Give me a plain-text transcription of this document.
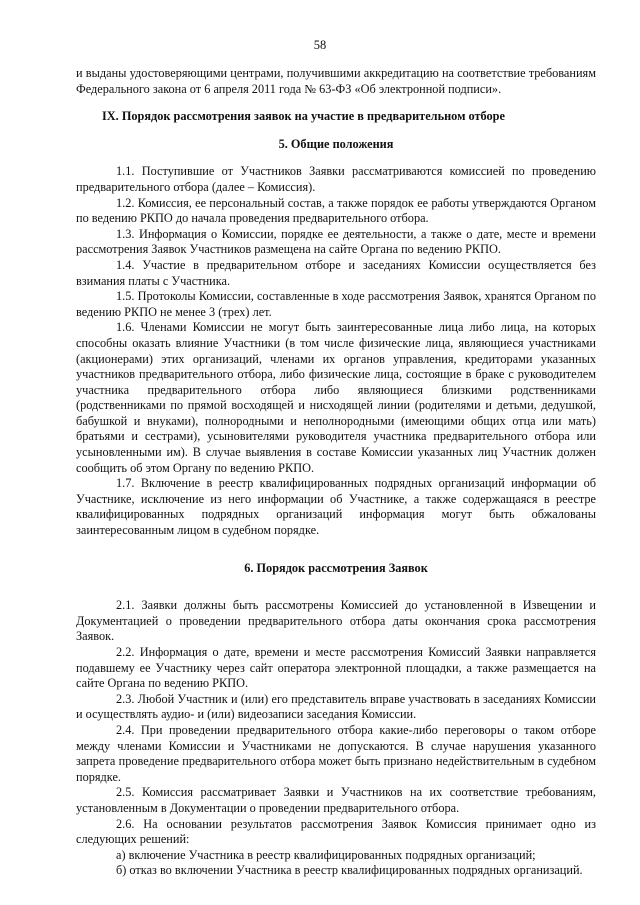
58

и выданы удостоверяющими центрами, получившими аккредитацию на соответствие требованиям Федерального закона от 6 апреля 2011 года № 63-ФЗ «Об электронной подписи».

IX. Порядок рассмотрения заявок на участие в предварительном отборе

5. Общие положения

1.1. Поступившие от Участников Заявки рассматриваются комиссией по проведению предварительного отбора (далее – Комиссия).

1.2. Комиссия, ее персональный состав, а также порядок ее работы утверждаются Органом по ведению РКПО до начала проведения предварительного отбора.

1.3. Информация о Комиссии, порядке ее деятельности, а также о дате, месте и времени рассмотрения Заявок Участников размещена на сайте Органа по ведению РКПО.

1.4. Участие в предварительном отборе и заседаниях Комиссии осуществляется без взимания платы с Участника.

1.5. Протоколы Комиссии, составленные в ходе рассмотрения Заявок, хранятся Органом по ведению РКПО не менее 3 (трех) лет.

1.6. Членами Комиссии не могут быть заинтересованные лица либо лица, на которых способны оказать влияние Участники (в том числе физические лица, являющиеся участниками (акционерами) этих организаций, членами их органов управления, кредиторами указанных участников предварительного отбора, либо физические лица, состоящие в браке с руководителем участника предварительного отбора либо являющиеся близкими родственниками (родственниками по прямой восходящей и нисходящей линии (родителями и детьми, дедушкой, бабушкой и внуками), полнородными и неполнородными (имеющими общих отца или мать) братьями и сестрами), усыновителями руководителя участника предварительного отбора или усыновленными им). В случае выявления в составе Комиссии указанных лиц Участник должен сообщить об этом Органу по ведению РКПО.

1.7. Включение в реестр квалифицированных подрядных организаций информации об Участнике, исключение из него информации об Участнике, а также содержащаяся в реестре квалифицированных подрядных организаций информация могут быть обжалованы заинтересованным лицом в судебном порядке.

6. Порядок рассмотрения Заявок

2.1. Заявки должны быть рассмотрены Комиссией до установленной в Извещении и Документацией о проведении предварительного отбора даты окончания срока рассмотрения Заявок.

2.2. Информация о дате, времени и месте рассмотрения Комиссий Заявки направляется подавшему ее Участнику через сайт оператора электронной площадки, а также размещается на сайте Органа по ведению РКПО.

2.3. Любой Участник и (или) его представитель вправе участвовать в заседаниях Комиссии и осуществлять аудио- и (или) видеозаписи заседания Комиссии.

2.4. При проведении предварительного отбора какие-либо переговоры о таком отборе между членами Комиссии и Участниками не допускаются. В случае нарушения указанного запрета проведение предварительного отбора может быть признано недействительным в судебном порядке.

2.5. Комиссия рассматривает Заявки и Участников на их соответствие требованиям, установленным в Документации о проведении предварительного отбора.

2.6. На основании результатов рассмотрения Заявок Комиссия принимает одно из следующих решений:

а) включение Участника в реестр квалифицированных подрядных организаций;

б) отказ во включении Участника в реестр квалифицированных подрядных организаций.
